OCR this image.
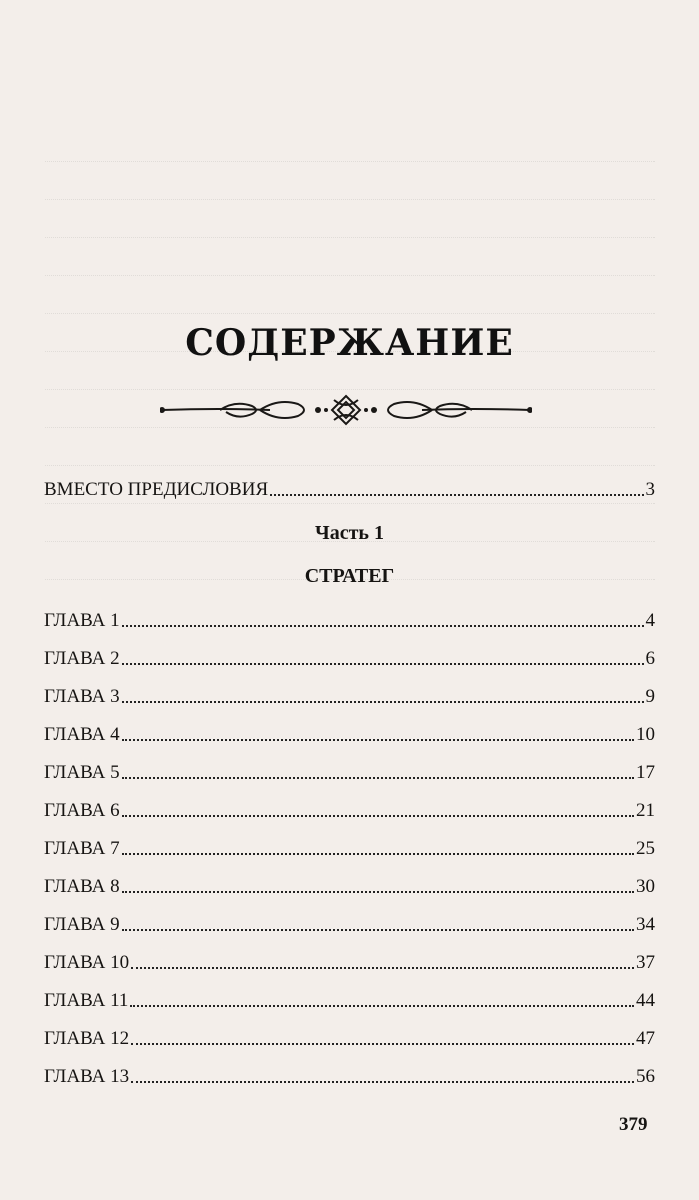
СОДЕРЖАНИЕ
ВМЕСТО ПРЕДИСЛОВИЯ	3
Часть 1
СТРАТЕГ
ГЛАВА 1	4
ГЛАВА 2	6
ГЛАВА 3	9
ГЛАВА 4	10
ГЛАВА 5	17
ГЛАВА 6	21
ГЛАВА 7	25
ГЛАВА 8	30
ГЛАВА 9	34
ГЛАВА 10	37
ГЛАВА 11	44
ГЛАВА 12	47
ГЛАВА 13	56
379
